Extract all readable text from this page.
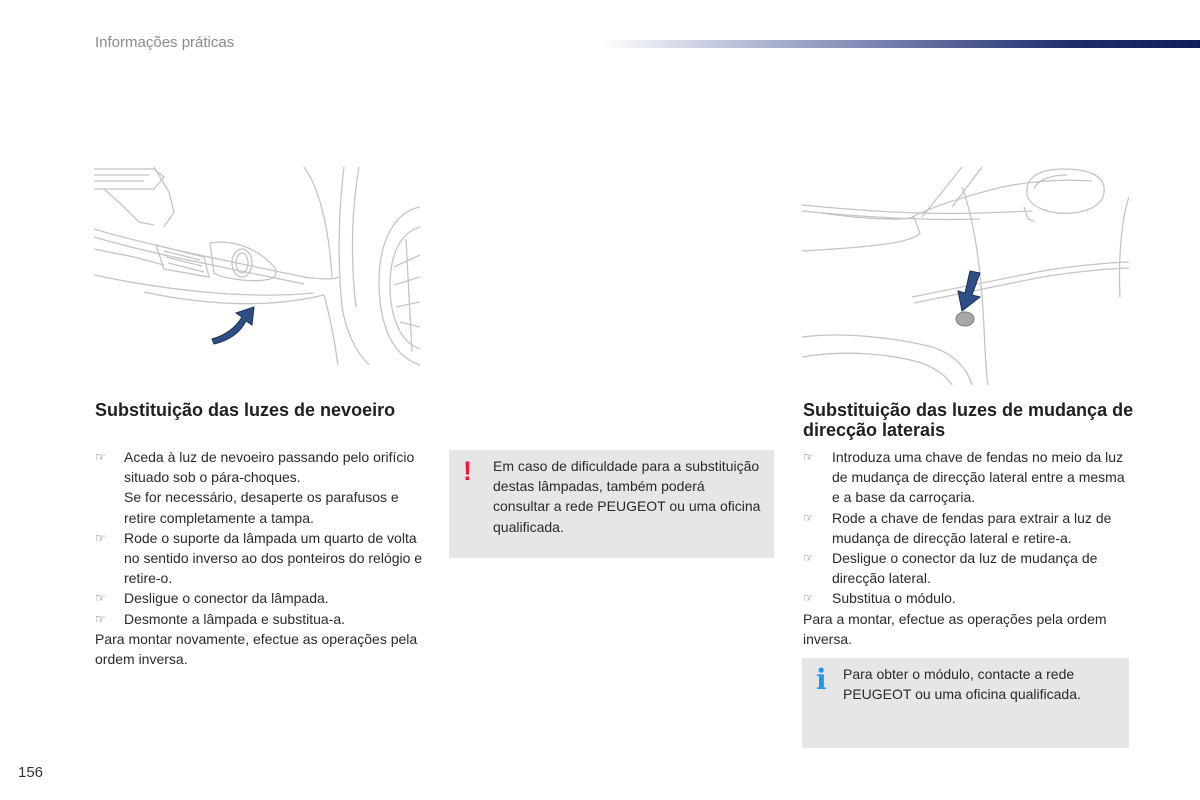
Informações práticas
Substituição das luzes de nevoeiro
☞ Aceda à luz de nevoeiro passando pelo orifício situado sob o pára-choques.
Se for necessário, desaperte os parafusos e retire completamente a tampa.
☞ Rode o suporte da lâmpada um quarto de volta no sentido inverso ao dos ponteiros do relógio e retire-o.
☞ Desligue o conector da lâmpada.
☞ Desmonte a lâmpada e substitua-a.
Para montar novamente, efectue as operações pela ordem inversa.
! Em caso de dificuldade para a substituição destas lâmpadas, também poderá consultar a rede PEUGEOT ou uma oficina qualificada.
Substituição das luzes de mudança de direcção laterais
☞ Introduza uma chave de fendas no meio da luz de mudança de direcção lateral entre a mesma e a base da carroçaria.
☞ Rode a chave de fendas para extrair a luz de mudança de direcção lateral e retire-a.
☞ Desligue o conector da luz de mudança de direcção lateral.
☞ Substitua o módulo.
Para a montar, efectue as operações pela ordem inversa.
i Para obter o módulo, contacte a rede PEUGEOT ou uma oficina qualificada.
156
